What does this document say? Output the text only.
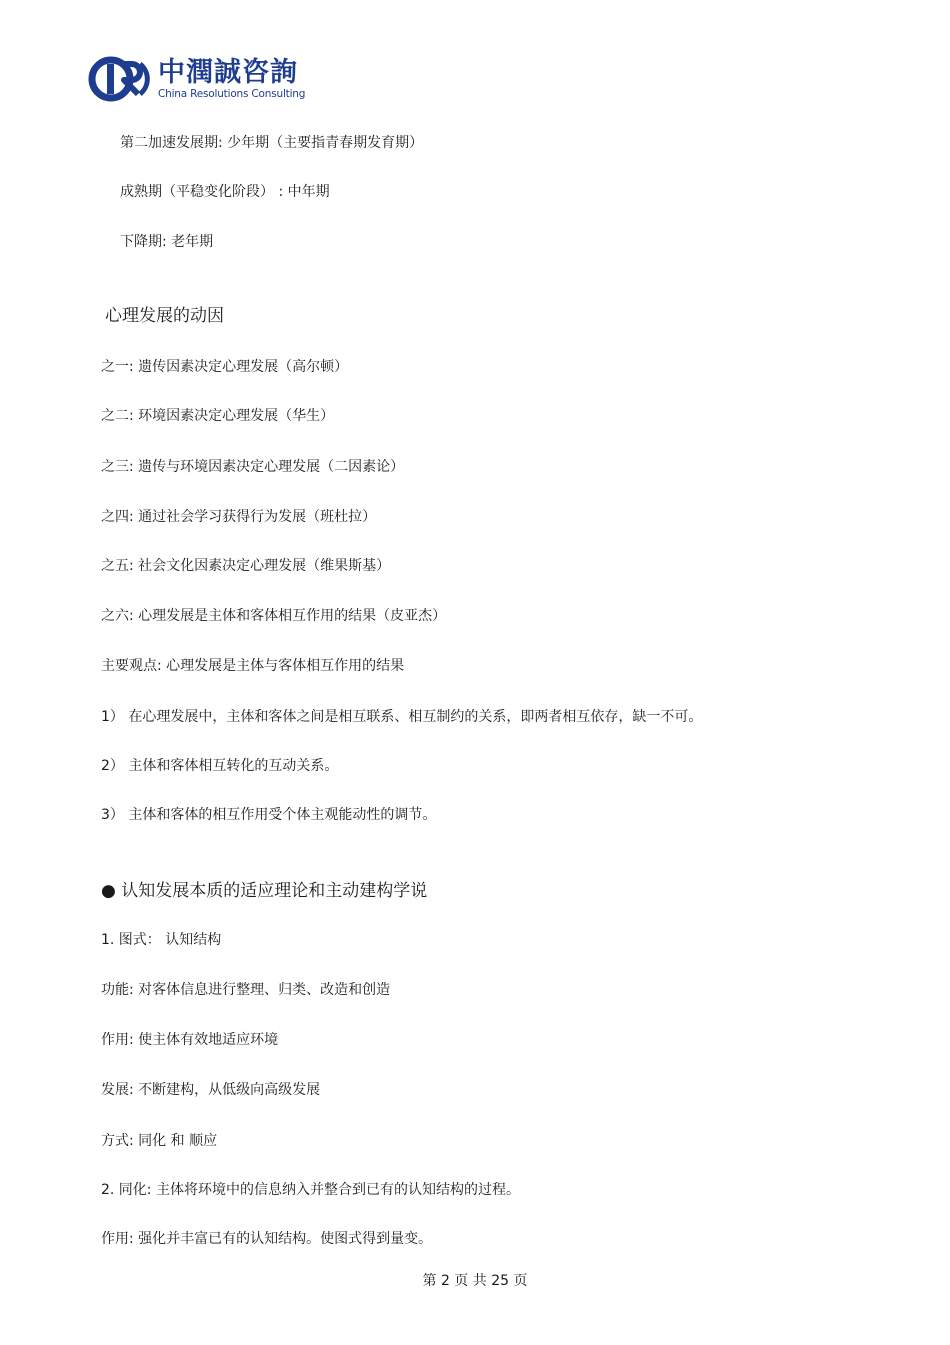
中潤誠咨詢
China Resolutions Consulting
第二加速发展期: 少年期（主要指青春期发育期）
成熟期（平稳变化阶段） : 中年期
下降期: 老年期
心理发展的动因
之一: 遗传因素决定心理发展（高尔顿）
之二: 环境因素决定心理发展（华生）
之三: 遗传与环境因素决定心理发展（二因素论）
之四: 通过社会学习获得行为发展（班杜拉）
之五: 社会文化因素决定心理发展（维果斯基）
之六: 心理发展是主体和客体相互作用的结果（皮亚杰）
主要观点: 心理发展是主体与客体相互作用的结果
1） 在心理发展中，主体和客体之间是相互联系、相互制约的关系，即两者相互依存，缺一不可。
2） 主体和客体相互转化的互动关系。
3） 主体和客体的相互作用受个体主观能动性的调节。
● 认知发展本质的适应理论和主动建构学说
1. 图式： 认知结构
功能: 对客体信息进行整理、归类、改造和创造
作用: 使主体有效地适应环境
发展: 不断建构，从低级向高级发展
方式: 同化 和 顺应
2. 同化: 主体将环境中的信息纳入并整合到已有的认知结构的过程。
作用: 强化并丰富已有的认知结构。使图式得到量变。
第 2 页 共 25 页
